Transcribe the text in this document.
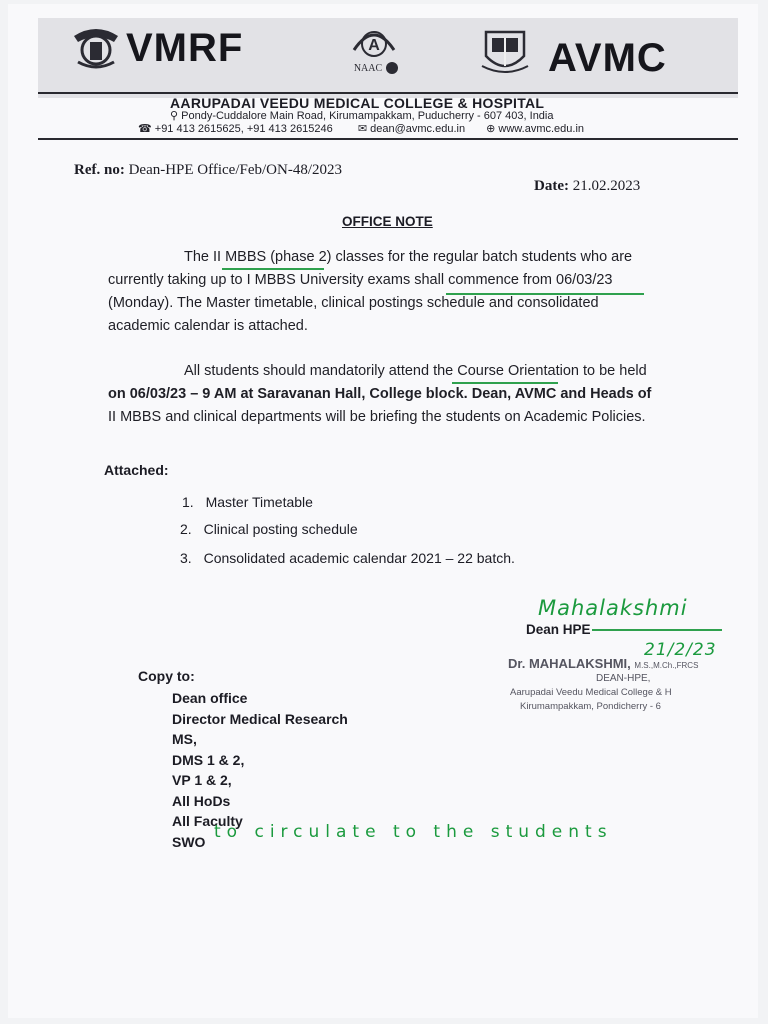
VMRF	A
NAAC	AVMC
AARUPADAI VEEDU MEDICAL COLLEGE & HOSPITAL
⚲ Pondy-Cuddalore Main Road, Kirumampakkam, Puducherry - 607 403, India
☎ +91 413 2615625, +91 413 2615246 ✉ dean@avmc.edu.in ⊕ www.avmc.edu.in
Ref. no: Dean-HPE Office/Feb/ON-48/2023
Date: 21.02.2023
OFFICE NOTE
The II MBBS (phase 2) classes for the regular batch students who are
currently taking up to I MBBS University exams shall commence from 06/03/23
(Monday). The Master timetable, clinical postings schedule and consolidated
academic calendar is attached.
All students should mandatorily attend the Course Orientation to be held
on 06/03/23 – 9 AM at Saravanan Hall, College block. Dean, AVMC and Heads of
II MBBS and clinical departments will be briefing the students on Academic Policies.
Attached:
1. Master Timetable
2. Clinical posting schedule
3. Consolidated academic calendar 2021 – 22 batch.
Mahalakshmi
Dean HPE
21/2/23
Dr. MAHALAKSHMI, M.S.,M.Ch.,FRCS
DEAN-HPE,
Aarupadai Veedu Medical College & H
Kirumampakkam, Pondicherry - 6
Copy to:
Dean office
Director Medical Research
MS,
DMS 1 & 2,
VP 1 & 2,
All HoDs
All Faculty
SWO to circulate to the students
